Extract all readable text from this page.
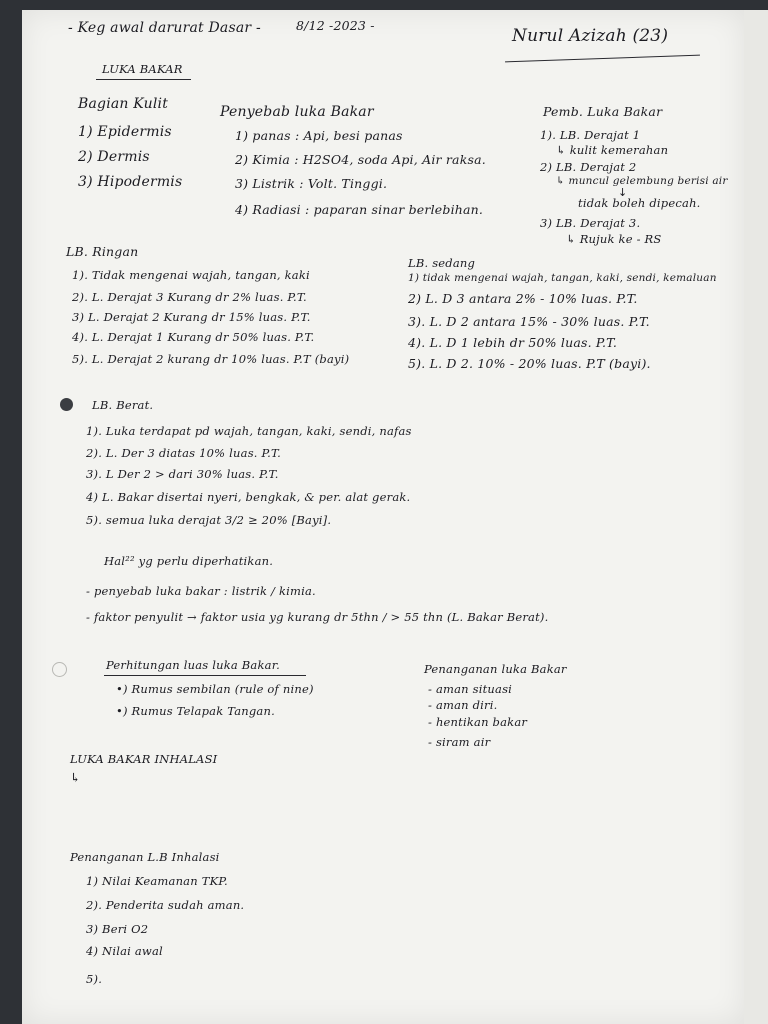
- Keg awal darurat Dasar -	8/12 -2023 -
Nurul Azizah (23)
LUKA BAKAR
Bagian Kulit
1) Epidermis
2) Dermis
3) Hipodermis
Penyebab luka Bakar
1) panas : Api, besi panas
2) Kimia : H2SO4, soda Api, Air raksa.
3) Listrik : Volt. Tinggi.
4) Radiasi : paparan sinar berlebihan.
Pemb. Luka Bakar
1). LB. Derajat 1
↳ kulit kemerahan
2) LB. Derajat 2
↳ muncul gelembung berisi air
↓
tidak boleh dipecah.
3) LB. Derajat 3.
↳ Rujuk ke - RS
LB. Ringan
1). Tidak mengenai wajah, tangan, kaki
2). L. Derajat 3 Kurang dr 2% luas. P.T.
3) L. Derajat 2 Kurang dr 15% luas. P.T.
4). L. Derajat 1 Kurang dr 50% luas. P.T.
5). L. Derajat 2 kurang dr 10% luas. P.T (bayi)
LB. sedang
1) tidak mengenai wajah, tangan, kaki, sendi, kemaluan
2) L. D 3 antara 2% - 10% luas. P.T.
3). L. D 2 antara 15% - 30% luas. P.T.
4). L. D 1 lebih dr 50% luas. P.T.
5). L. D 2. 10% - 20% luas. P.T (bayi).
LB. Berat.
1). Luka terdapat pd wajah, tangan, kaki, sendi, nafas
2). L. Der 3 diatas 10% luas. P.T.
3). L Der 2 > dari 30% luas. P.T.
4) L. Bakar disertai nyeri, bengkak, & per. alat gerak.
5). semua luka derajat 3/2 ≥ 20% [Bayi].
Hal²² yg perlu diperhatikan.
- penyebab luka bakar : listrik / kimia.
- faktor penyulit → faktor usia yg kurang dr 5thn / > 55 thn (L. Bakar Berat).
Perhitungan luas luka Bakar.
•) Rumus sembilan (rule of nine)
•) Rumus Telapak Tangan.
Penanganan luka Bakar
- aman situasi
- aman diri.
- hentikan bakar
- siram air
LUKA BAKAR INHALASI
↳
Penanganan L.B Inhalasi
1) Nilai Keamanan TKP.
2). Penderita sudah aman.
3) Beri O2
4) Nilai awal
5).
